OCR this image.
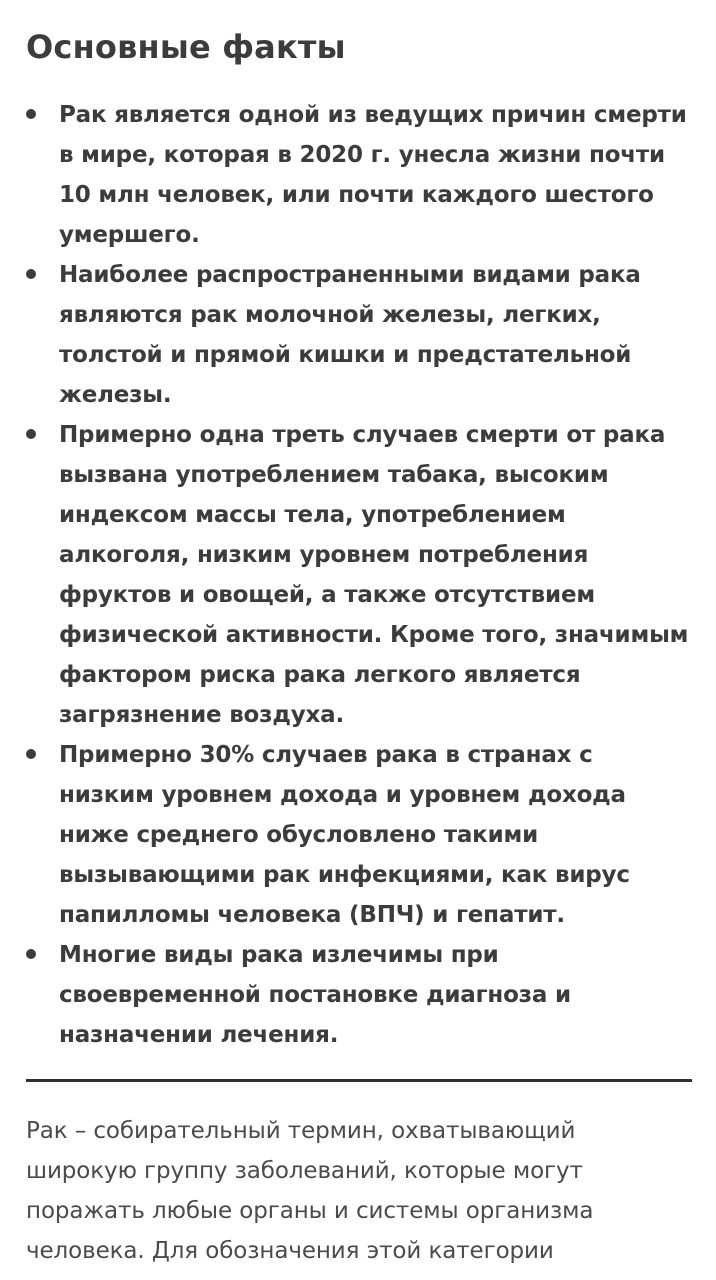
Основные факты
Рак является одной из ведущих причин смерти в мире, которая в 2020 г. унесла жизни почти 10 млн человек, или почти каждого шестого умершего.
Наиболее распространенными видами рака являются рак молочной железы, легких, толстой и прямой кишки и предстательной железы.
Примерно одна треть случаев смерти от рака вызвана употреблением табака, высоким индексом массы тела, употреблением алкоголя, низким уровнем потребления фруктов и овощей, а также отсутствием физической активности. Кроме того, значимым фактором риска рака легкого является загрязнение воздуха.
Примерно 30% случаев рака в странах с низким уровнем дохода и уровнем дохода ниже среднего обусловлено такими вызывающими рак инфекциями, как вирус папилломы человека (ВПЧ) и гепатит.
Многие виды рака излечимы при своевременной постановке диагноза и назначении лечения.

Рак – собирательный термин, охватывающий широкую группу заболеваний, которые могут поражать любые органы и системы организма человека. Для обозначения этой категории
